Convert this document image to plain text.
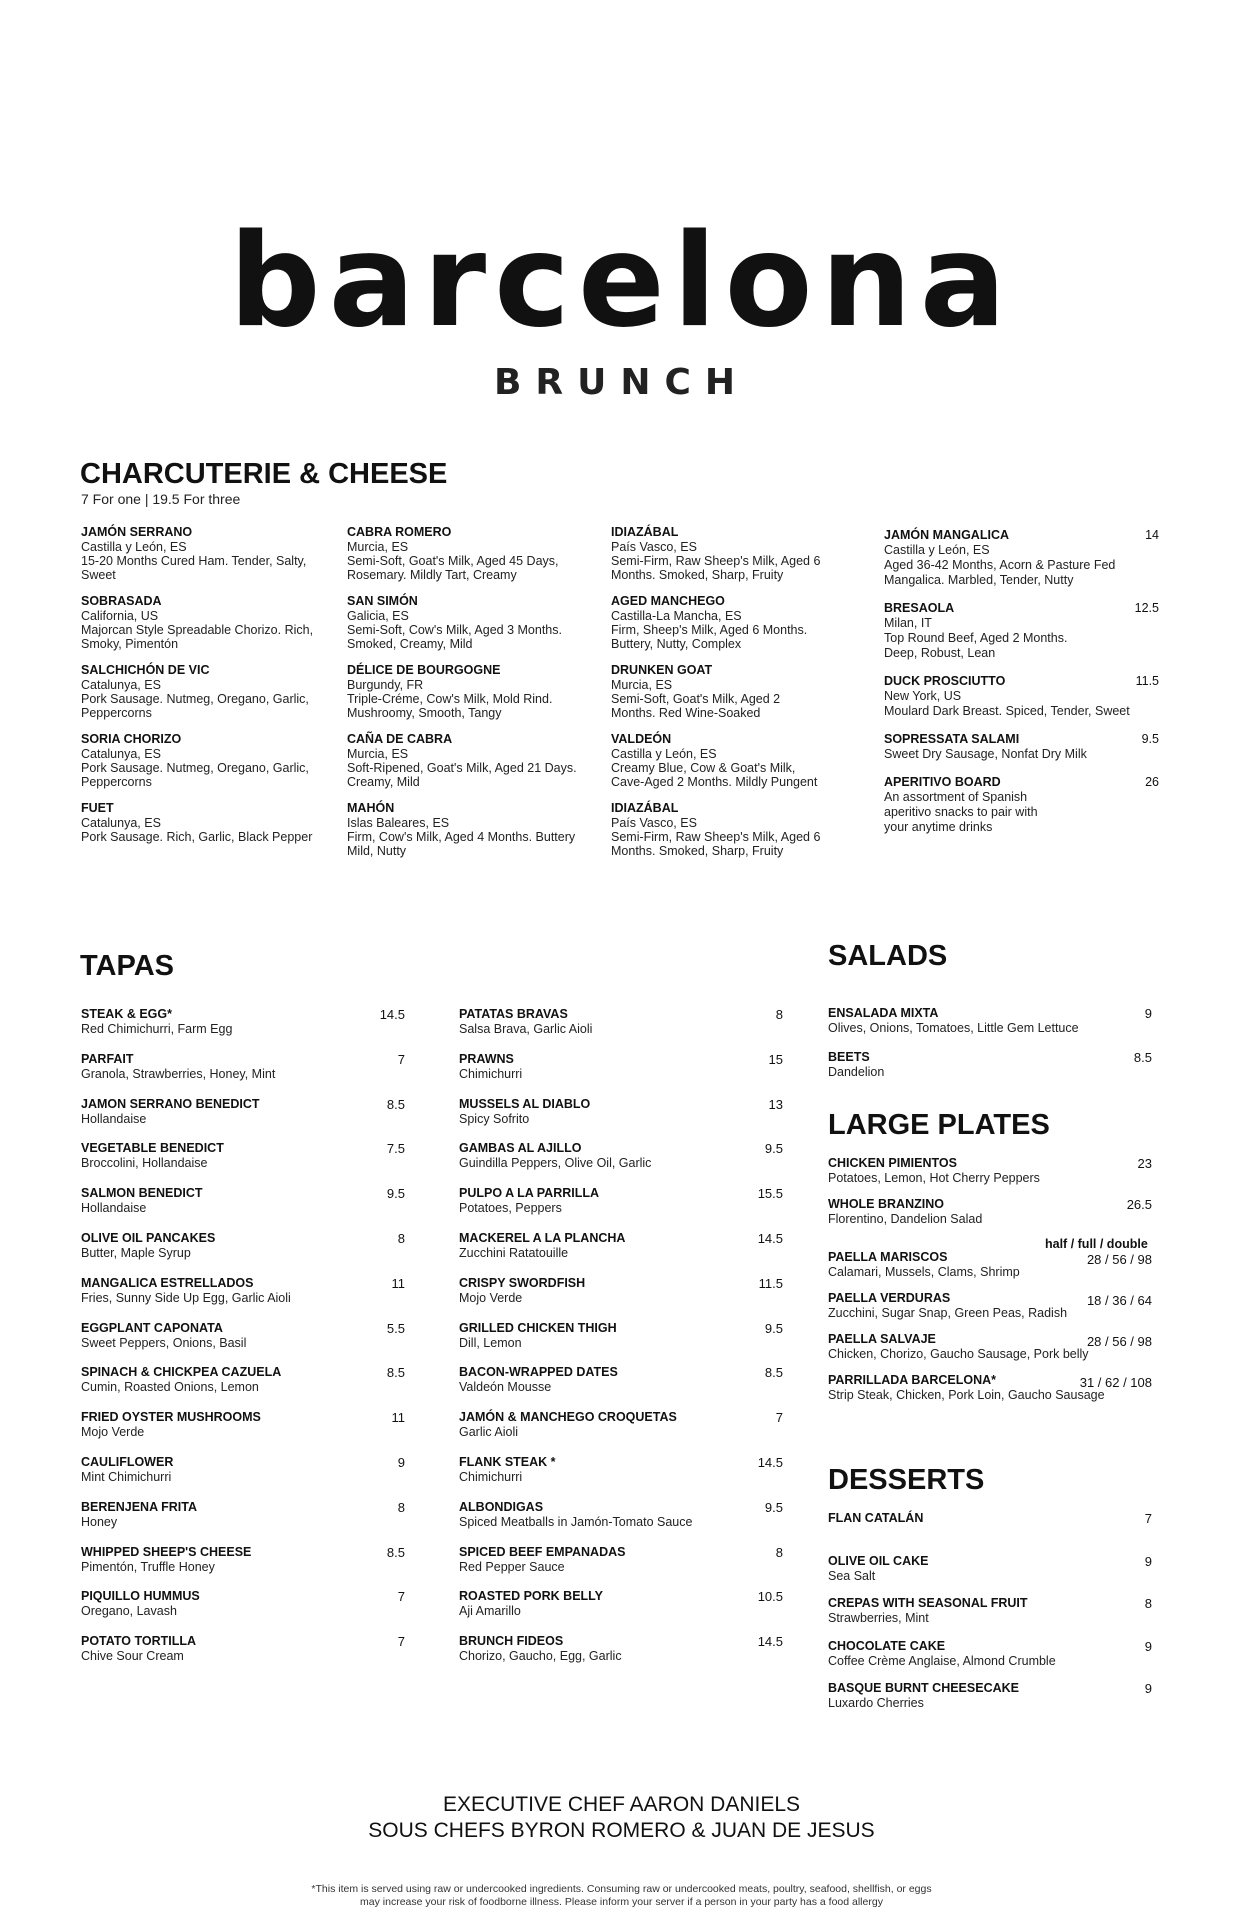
barcelona
BRUNCH
CHARCUTERIE & CHEESE
7 For one | 19.5 For three
JAMÓN SERRANO
Castilla y León, ES
15-20 Months Cured Ham. Tender, Salty,
Sweet
SOBRASADA
California, US
Majorcan Style Spreadable Chorizo. Rich,
Smoky, Pimentón
SALCHICHÓN DE VIC
Catalunya, ES
Pork Sausage. Nutmeg, Oregano, Garlic,
Peppercorns
SORIA CHORIZO
Catalunya, ES
Pork Sausage. Nutmeg, Oregano, Garlic,
Peppercorns
FUET
Catalunya, ES
Pork Sausage. Rich, Garlic, Black Pepper
CABRA ROMERO
Murcia, ES
Semi-Soft, Goat's Milk, Aged 45 Days,
Rosemary. Mildly Tart, Creamy
SAN SIMÓN
Galicia, ES
Semi-Soft, Cow's Milk, Aged 3 Months.
Smoked, Creamy, Mild
DÉLICE DE BOURGOGNE
Burgundy, FR
Triple-Créme, Cow's Milk, Mold Rind.
Mushroomy, Smooth, Tangy
CAÑA DE CABRA
Murcia, ES
Soft-Ripened, Goat's Milk, Aged 21 Days.
Creamy, Mild
MAHÓN
Islas Baleares, ES
Firm, Cow's Milk, Aged 4 Months. Buttery
Mild, Nutty
IDIAZÁBAL
País Vasco, ES
Semi-Firm, Raw Sheep's Milk, Aged 6
Months. Smoked, Sharp, Fruity
AGED MANCHEGO
Castilla-La Mancha, ES
Firm, Sheep's Milk, Aged 6 Months.
Buttery, Nutty, Complex
DRUNKEN GOAT
Murcia, ES
Semi-Soft, Goat's Milk, Aged 2
Months. Red Wine-Soaked
VALDEÓN
Castilla y León, ES
Creamy Blue, Cow & Goat's Milk,
Cave-Aged 2 Months. Mildly Pungent
IDIAZÁBAL
País Vasco, ES
Semi-Firm, Raw Sheep's Milk, Aged 6
Months. Smoked, Sharp, Fruity
JAMÓN MANGALICA	14
Castilla y León, ES
Aged 36-42 Months, Acorn & Pasture Fed
Mangalica. Marbled, Tender, Nutty
BRESAOLA	12.5
Milan, IT
Top Round Beef, Aged 2 Months.
Deep, Robust, Lean
DUCK PROSCIUTTO	11.5
New York, US
Moulard Dark Breast. Spiced, Tender, Sweet
SOPRESSATA SALAMI	9.5
Sweet Dry Sausage, Nonfat Dry Milk
APERITIVO BOARD	26
An assortment of Spanish
aperitivo snacks to pair with
your anytime drinks
TAPAS
STEAK & EGG*
Red Chimichurri, Farm Egg
14.5
PARFAIT
Granola, Strawberries, Honey, Mint
7
JAMON SERRANO BENEDICT
Hollandaise
8.5
VEGETABLE BENEDICT
Broccolini, Hollandaise
7.5
SALMON BENEDICT
Hollandaise
9.5
OLIVE OIL PANCAKES
Butter, Maple Syrup
8
MANGALICA ESTRELLADOS
Fries, Sunny Side Up Egg, Garlic Aioli
11
EGGPLANT CAPONATA
Sweet Peppers, Onions, Basil
5.5
SPINACH & CHICKPEA CAZUELA
Cumin, Roasted Onions, Lemon
8.5
FRIED OYSTER MUSHROOMS
Mojo Verde
11
CAULIFLOWER
Mint Chimichurri
9
BERENJENA FRITA
Honey
8
WHIPPED SHEEP'S CHEESE
Pimentón, Truffle Honey
8.5
PIQUILLO HUMMUS
Oregano, Lavash
7
POTATO TORTILLA
Chive Sour Cream
7
PATATAS BRAVAS
Salsa Brava, Garlic Aioli
8
PRAWNS
Chimichurri
15
MUSSELS AL DIABLO
Spicy Sofrito
13
GAMBAS AL AJILLO
Guindilla Peppers, Olive Oil, Garlic
9.5
PULPO A LA PARRILLA
Potatoes, Peppers
15.5
MACKEREL A LA PLANCHA
Zucchini Ratatouille
14.5
CRISPY SWORDFISH
Mojo Verde
11.5
GRILLED CHICKEN THIGH
Dill, Lemon
9.5
BACON-WRAPPED DATES
Valdeón Mousse
8.5
JAMÓN & MANCHEGO CROQUETAS
Garlic Aioli
7
FLANK STEAK *
Chimichurri
14.5
ALBONDIGAS
Spiced Meatballs in Jamón-Tomato Sauce
9.5
SPICED BEEF EMPANADAS
Red Pepper Sauce
8
ROASTED PORK BELLY
Aji Amarillo
10.5
BRUNCH FIDEOS
Chorizo, Gaucho, Egg, Garlic
14.5
SALADS
ENSALADA MIXTA
Olives, Onions, Tomatoes, Little Gem Lettuce
9
BEETS
Dandelion
8.5
LARGE PLATES
CHICKEN PIMIENTOS
Potatoes, Lemon, Hot Cherry Peppers
23
WHOLE BRANZINO
Florentino, Dandelion Salad
26.5
half / full / double
PAELLA MARISCOS
Calamari, Mussels, Clams, Shrimp
28 / 56 / 98
PAELLA VERDURAS
Zucchini, Sugar Snap, Green Peas, Radish
18 / 36 / 64
PAELLA SALVAJE
Chicken, Chorizo, Gaucho Sausage, Pork belly
28 / 56 / 98
PARRILLADA BARCELONA*
Strip Steak, Chicken, Pork Loin, Gaucho Sausage
31 / 62 / 108
DESSERTS
FLAN CATALÁN	7
OLIVE OIL CAKE
Sea Salt
9
CREPAS WITH SEASONAL FRUIT
Strawberries, Mint
8
CHOCOLATE CAKE
Coffee Crème Anglaise, Almond Crumble
9
BASQUE BURNT CHEESECAKE
Luxardo Cherries
9
EXECUTIVE CHEF AARON DANIELS
SOUS CHEFS BYRON ROMERO & JUAN DE JESUS
*This item is served using raw or undercooked ingredients. Consuming raw or undercooked meats, poultry, seafood, shellfish, or eggs
may increase your risk of foodborne illness. Please inform your server if a person in your party has a food allergy
